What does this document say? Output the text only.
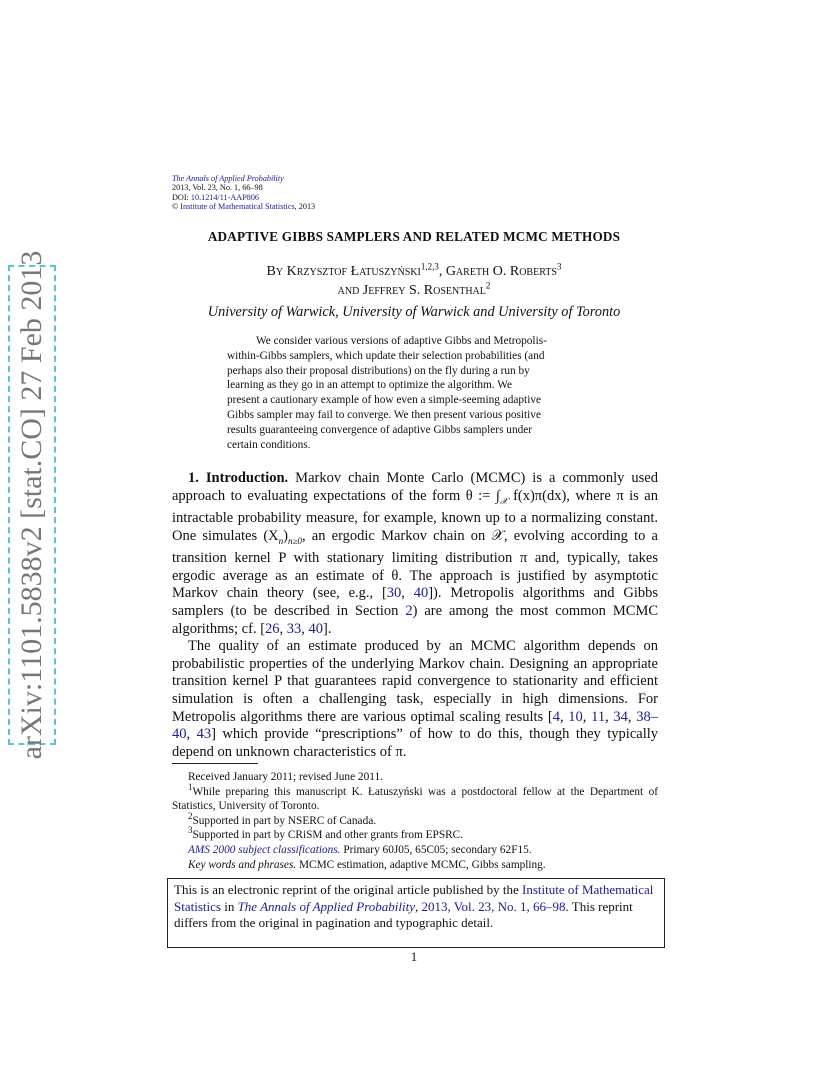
arXiv:1101.5838v2 [stat.CO] 27 Feb 2013
The Annals of Applied Probability
2013, Vol. 23, No. 1, 66–98
DOI: 10.1214/11-AAP806
© Institute of Mathematical Statistics, 2013
ADAPTIVE GIBBS SAMPLERS AND RELATED MCMC METHODS
By Krzysztof Łatuszyński$^{1,2,3}$, Gareth O. Roberts$^3$
and Jeffrey S. Rosenthal$^2$
University of Warwick, University of Warwick and University of Toronto
We consider various versions of adaptive Gibbs and Metropolis-
within-Gibbs samplers, which update their selection probabilities (and
perhaps also their proposal distributions) on the fly during a run by
learning as they go in an attempt to optimize the algorithm. We
present a cautionary example of how even a simple-seeming adaptive
Gibbs sampler may fail to converge. We then present various positive
results guaranteeing convergence of adaptive Gibbs samplers under
certain conditions.

1. Introduction. Markov chain Monte Carlo (MCMC) is a commonly used approach to evaluating expectations of the form θ := $\int_𝒳$ f(x)π(dx), where π is an intractable probability measure, for example, known up to a normalizing constant. One simulates $(X_n)_{n\ge 0}$, an ergodic Markov chain on 𝒳, evolving according to a transition kernel P with stationary limiting distribution π and, typically, takes ergodic average as an estimate of θ. The approach is justified by asymptotic Markov chain theory (see, e.g., [30, 40]). Metropolis algorithms and Gibbs samplers (to be described in Section 2) are among the most common MCMC algorithms; cf. [26, 33, 40].

The quality of an estimate produced by an MCMC algorithm depends on probabilistic properties of the underlying Markov chain. Designing an appropriate transition kernel P that guarantees rapid convergence to stationarity and efficient simulation is often a challenging task, especially in high dimensions. For Metropolis algorithms there are various optimal scaling results [4, 10, 11, 34, 38–40, 43] which provide “prescriptions” of how to do this, though they typically depend on unknown characteristics of π.

Received January 2011; revised June 2011.

$^1$While preparing this manuscript K. Łatuszyński was a postdoctoral fellow at the Department of Statistics, University of Toronto.

$^2$Supported in part by NSERC of Canada.

$^3$Supported in part by CRiSM and other grants from EPSRC.

AMS 2000 subject classifications. Primary 60J05, 65C05; secondary 62F15.

Key words and phrases. MCMC estimation, adaptive MCMC, Gibbs sampling.

This is an electronic reprint of the original article published by the Institute of Mathematical Statistics in The Annals of Applied Probability, 2013, Vol. 23, No. 1, 66–98. This reprint differs from the original in pagination and typographic detail.
1
